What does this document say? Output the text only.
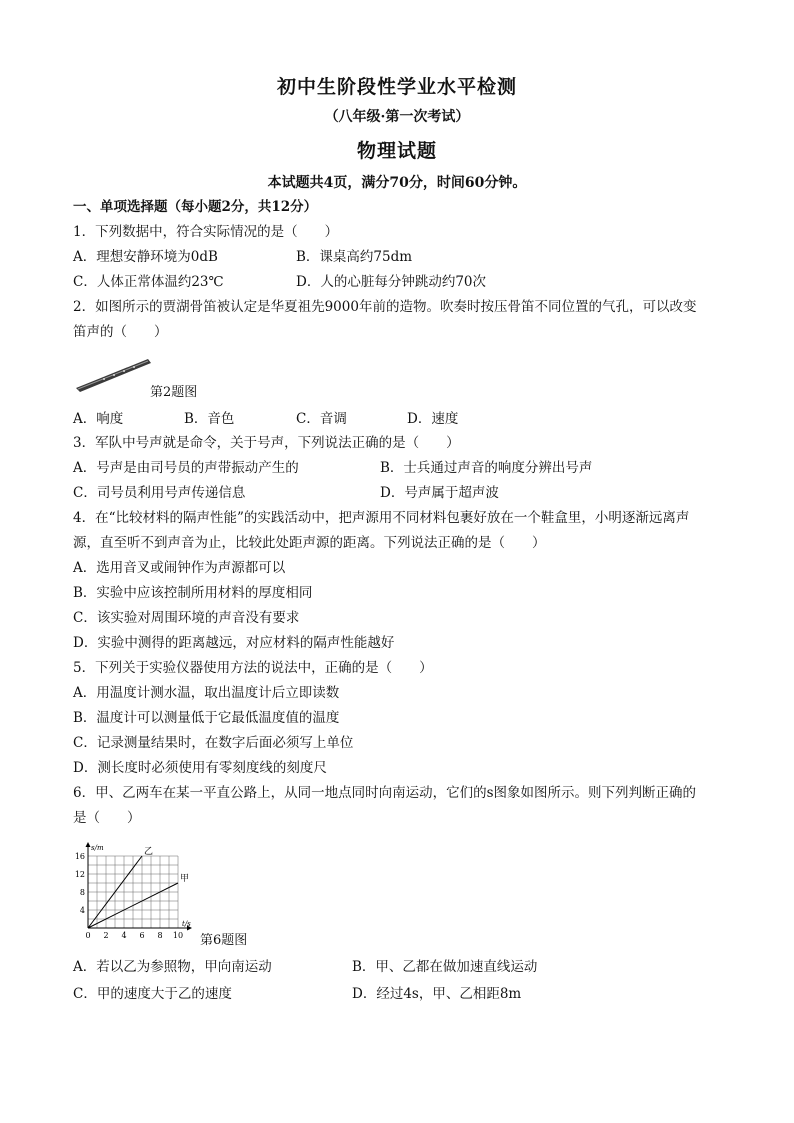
初中生阶段性学业水平检测
（八年级·第一次考试）
物理试题
本试题共4页，满分70分，时间60分钟。
一、单项选择题（每小题2分，共12分）
1．下列数据中，符合实际情况的是（　　）
A．理想安静环境为0dB	B．课桌高约75dm
C．人体正常体温约23℃	D．人的心脏每分钟跳动约70次
2．如图所示的贾湖骨笛被认定是华夏祖先9000年前的造物。吹奏时按压骨笛不同位置的气孔，可以改变
笛声的（　　）
第2题图
A．响度	B．音色	C．音调	D．速度
3．军队中号声就是命令，关于号声，下列说法正确的是（　　）
A．号声是由司号员的声带振动产生的	B．士兵通过声音的响度分辨出号声
C．司号员利用号声传递信息	D．号声属于超声波
4．在“比较材料的隔声性能”的实践活动中，把声源用不同材料包裹好放在一个鞋盒里，小明逐渐远离声
源，直至听不到声音为止，比较此处距声源的距离。下列说法正确的是（　　）
A．选用音叉或闹钟作为声源都可以
B．实验中应该控制所用材料的厚度相同
C．该实验对周围环境的声音没有要求
D．实验中测得的距离越远，对应材料的隔声性能越好
5．下列关于实验仪器使用方法的说法中，正确的是（　　）
A．用温度计测水温，取出温度计后立即读数
B．温度计可以测量低于它最低温度值的温度
C．记录测量结果时，在数字后面必须写上单位
D．测长度时必须使用有零刻度线的刻度尺
6．甲、乙两车在某一平直公路上，从同一地点同时向南运动，它们的s图象如图所示。则下列判断正确的
是（　　）
0 2 4 6 8 10
4
8
12
16
t/s
s/m	乙
甲
第6题图
A．若以乙为参照物，甲向南运动	B．甲、乙都在做加速直线运动
C．甲的速度大于乙的速度	D．经过4s，甲、乙相距8m
